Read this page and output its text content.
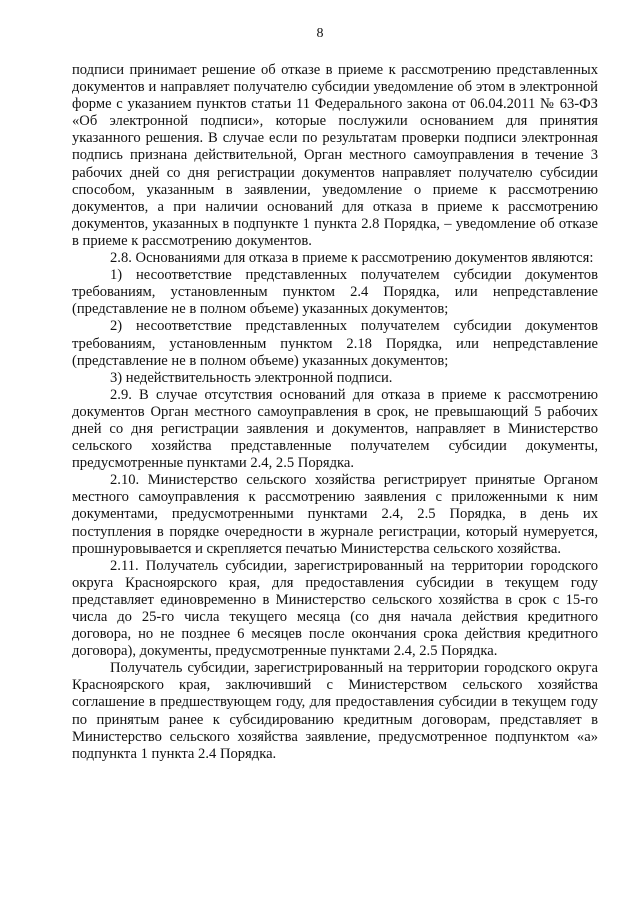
8

подписи принимает решение об отказе в приеме к рассмотрению представленных документов и направляет получателю субсидии уведомление об этом в электронной форме с указанием пунктов статьи 11 Федерального закона от 06.04.2011 № 63-ФЗ «Об электронной подписи», которые послужили основанием для принятия указанного решения. В случае если по результатам проверки подписи электронная подпись признана действительной, Орган местного самоуправления в течение 3 рабочих дней со дня регистрации документов направляет получателю субсидии способом, указанным в заявлении, уведомление о приеме к рассмотрению документов, а при наличии оснований для отказа в приеме к рассмотрению документов, указанных в подпункте 1 пункта 2.8 Порядка, – уведомление об отказе в приеме к рассмотрению документов.

2.8. Основаниями для отказа в приеме к рассмотрению документов являются:

1) несоответствие представленных получателем субсидии документов требованиям, установленным пунктом 2.4 Порядка, или непредставление (представление не в полном объеме) указанных документов;

2) несоответствие представленных получателем субсидии документов требованиям, установленным пунктом 2.18 Порядка, или непредставление (представление не в полном объеме) указанных документов;

3) недействительность электронной подписи.

2.9. В случае отсутствия оснований для отказа в приеме к рассмотрению документов Орган местного самоуправления в срок, не превышающий 5 рабочих дней со дня регистрации заявления и документов, направляет в Министерство сельского хозяйства представленные получателем субсидии документы, предусмотренные пунктами 2.4, 2.5 Порядка.

2.10. Министерство сельского хозяйства регистрирует принятые Органом местного самоуправления к рассмотрению заявления с приложенными к ним документами, предусмотренными пунктами 2.4, 2.5 Порядка, в день их поступления в порядке очередности в журнале регистрации, который нумеруется, прошнуровывается и скрепляется печатью Министерства сельского хозяйства.

2.11. Получатель субсидии, зарегистрированный на территории городского округа Красноярского края, для предоставления субсидии в текущем году представляет единовременно в Министерство сельского хозяйства в срок с 15-го числа до 25-го числа текущего месяца (со дня начала действия кредитного договора, но не позднее 6 месяцев после окончания срока действия кредитного договора), документы, предусмотренные пунктами 2.4, 2.5 Порядка.

Получатель субсидии, зарегистрированный на территории городского округа Красноярского края, заключивший с Министерством сельского хозяйства соглашение в предшествующем году, для предоставления субсидии в текущем году по принятым ранее к субсидированию кредитным договорам, представляет в Министерство сельского хозяйства заявление, предусмотренное подпунктом «а» подпункта 1 пункта 2.4 Порядка.
